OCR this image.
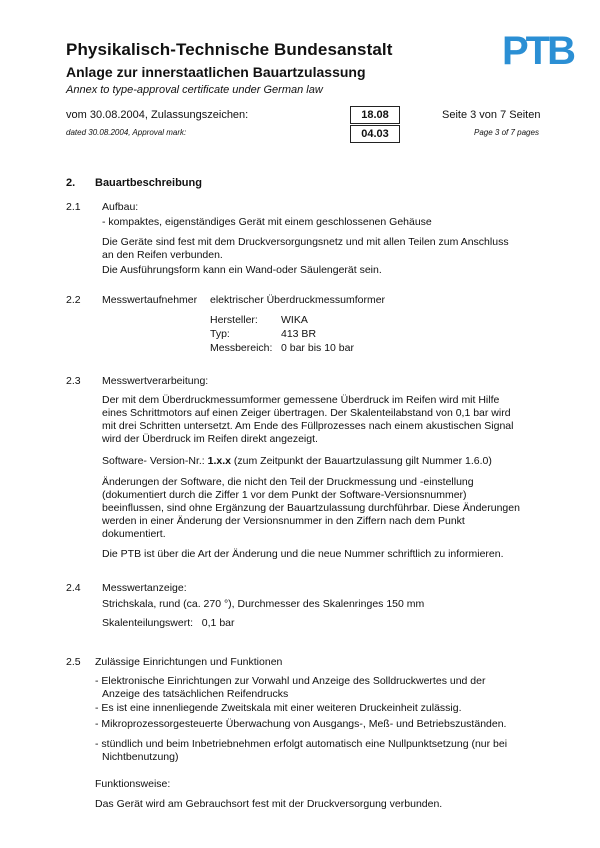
Physikalisch-Technische Bundesanstalt
Anlage zur innerstaatlichen Bauartzulassung
Annex to type-approval certificate under German law
PTB
vom 30.08.2004, Zulassungszeichen:
dated 30.08.2004, Approval mark:
18.08
04.03
Seite 3 von 7 Seiten
Page 3 of 7 pages
2. Bauartbeschreibung
2.1 Aufbau:
- kompaktes, eigenständiges Gerät mit einem geschlossenen Gehäuse
Die Geräte sind fest mit dem Druckversorgungsnetz und mit allen Teilen zum Anschluss
an den Reifen verbunden.
Die Ausführungsform kann ein Wand-oder Säulengerät sein.
2.2 Messwertaufnehmer elektrischer Überdruckmessumformer
Hersteller: WIKA
Typ:	413 BR
Messbereich: 0 bar bis 10 bar
2.3 Messwertverarbeitung:
Der mit dem Überdruckmessumformer gemessene Überdruck im Reifen wird mit Hilfe
eines Schrittmotors auf einen Zeiger übertragen. Der Skalenteilabstand von 0,1 bar wird
mit drei Schritten untersetzt. Am Ende des Füllprozesses nach einem akustischen Signal
wird der Überdruck im Reifen direkt angezeigt.
Software- Version-Nr.: 1.x.x (zum Zeitpunkt der Bauartzulassung gilt Nummer 1.6.0)
Änderungen der Software, die nicht den Teil der Druckmessung und -einstellung
(dokumentiert durch die Ziffer 1 vor dem Punkt der Software-Versionsnummer)
beeinflussen, sind ohne Ergänzung der Bauartzulassung durchführbar. Diese Änderungen
werden in einer Änderung der Versionsnummer in den Ziffern nach dem Punkt
dokumentiert.
Die PTB ist über die Art der Änderung und die neue Nummer schriftlich zu informieren.
2.4 Messwertanzeige:
Strichskala, rund (ca. 270 °), Durchmesser des Skalenringes 150 mm
Skalenteilungswert:   0,1 bar
2.5 Zulässige Einrichtungen und Funktionen
- Elektronische Einrichtungen zur Vorwahl und Anzeige des Solldruckwertes und der
Anzeige des tatsächlichen Reifendrucks
- Es ist eine innenliegende Zweitskala mit einer weiteren Druckeinheit zulässig.
- Mikroprozessorgesteuerte Überwachung von Ausgangs-, Meß- und Betriebszuständen.
- stündlich und beim Inbetriebnehmen erfolgt automatisch eine Nullpunktsetzung (nur bei
Nichtbenutzung)
Funktionsweise:
Das Gerät wird am Gebrauchsort fest mit der Druckversorgung verbunden.
